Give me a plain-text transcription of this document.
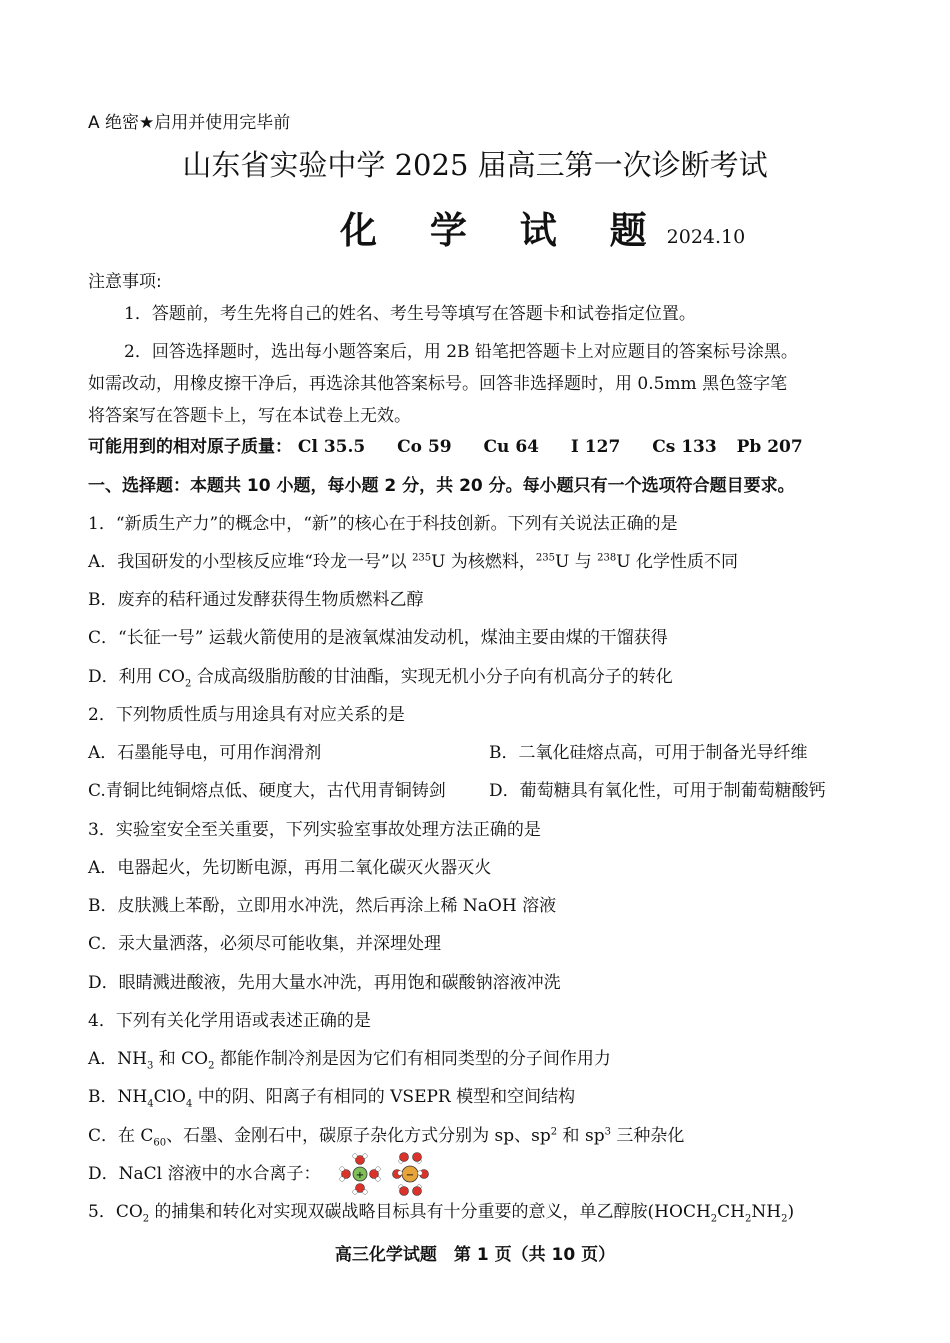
A 绝密★启用并使用完毕前
山东省实验中学 2025 届高三第一次诊断考试
化 学 试 题2024.10
注意事项:
1．答题前，考生先将自己的姓名、考生号等填写在答题卡和试卷指定位置。
2．回答选择题时，选出每小题答案后，用 2B 铅笔把答题卡上对应题目的答案标号涂黑。
如需改动，用橡皮擦干净后，再选涂其他答案标号。回答非选择题时，用 0.5mm 黑色签字笔
将答案写在答题卡上，写在本试卷上无效。
可能用到的相对原子质量： Cl 35.5 Co 59 Cu 64 I 127 Cs 133 Pb 207
一、选择题：本题共 10 小题，每小题 2 分，共 20 分。每小题只有一个选项符合题目要求。
1．“新质生产力”的概念中，“新”的核心在于科技创新。下列有关说法正确的是
A．我国研发的小型核反应堆“玲龙一号”以 $^{235}$U 为核燃料，$^{235}$U 与 $^{238}$U 化学性质不同
B．废弃的秸秆通过发酵获得生物质燃料乙醇
C．“长征一号” 运载火箭使用的是液氧煤油发动机，煤油主要由煤的干馏获得
D．利用 $CO_2$ 合成高级脂肪酸的甘油酯，实现无机小分子向有机高分子的转化
2．下列物质性质与用途具有对应关系的是
A．石墨能导电，可用作润滑剂	B．二氧化硅熔点高，可用于制备光导纤维
C.青铜比纯铜熔点低、硬度大，古代用青铜铸剑	D．葡萄糖具有氧化性，可用于制葡萄糖酸钙
3．实验室安全至关重要，下列实验室事故处理方法正确的是
A．电器起火，先切断电源，再用二氧化碳灭火器灭火
B．皮肤溅上苯酚，立即用水冲洗，然后再涂上稀 NaOH 溶液
C．汞大量洒落，必须尽可能收集，并深埋处理
D．眼睛溅进酸液，先用大量水冲洗，再用饱和碳酸钠溶液冲洗
4．下列有关化学用语或表述正确的是
A．$NH_3$ 和 $CO_2$ 都能作制冷剂是因为它们有相同类型的分子间作用力
B．$NH_4ClO_4$ 中的阴、阳离子有相同的 VSEPR 模型和空间结构
C．在 $C_{60}$、石墨、金刚石中，碳原子杂化方式分别为 sp、$sp^2$ 和 $sp^3$ 三种杂化
D．NaCl 溶液中的水合离子：	+	−
5．$CO_2$ 的捕集和转化对实现双碳战略目标具有十分重要的意义，单乙醇胺$(HOCH_2CH_2NH_2)$
高三化学试题　第 1 页（共 10 页）
